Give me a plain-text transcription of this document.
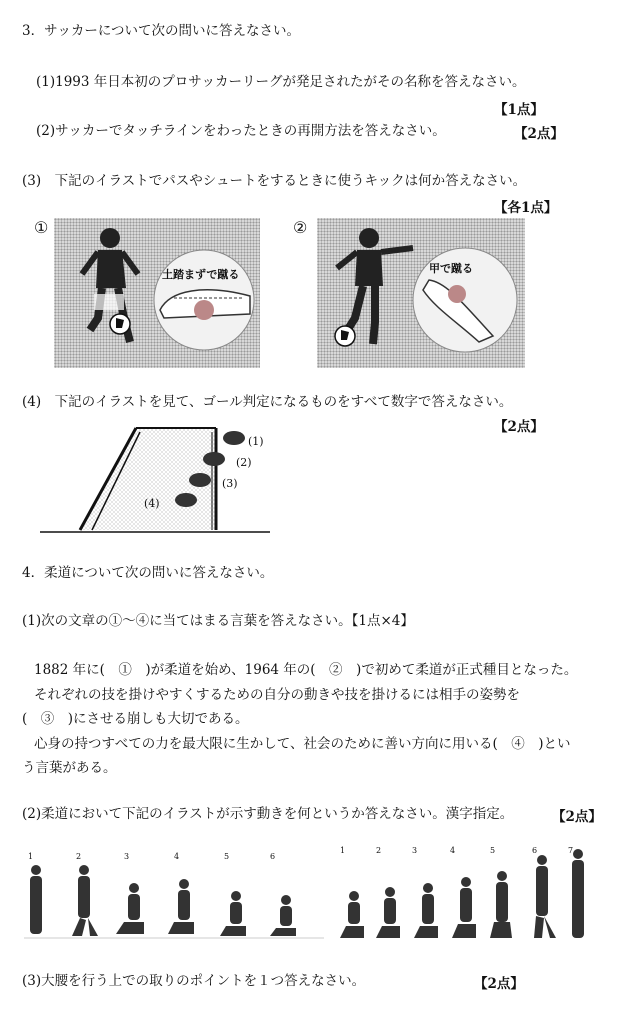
3．サッカーについて次の問いに答えなさい。
(1)1993 年日本初のプロサッカーリーグが発足されたがその名称を答えなさい。
【1点】
(2)サッカーでタッチラインをわったときの再開方法を答えなさい。	【2点】
(3)　下記のイラストでパスやシュートをするときに使うキックは何か答えなさい。
【各1点】
①
土踏まずで蹴る
②
甲で蹴る
(4)　下記のイラストを見て、ゴール判定になるものをすべて数字で答えなさい。
【2点】
(1)
(2)
(3)
(4)
4．柔道について次の問いに答えなさい。
(1)次の文章の①～④に当てはまる言葉を答えなさい。【1点×4】
1882 年に(　①　)が柔道を始め、1964 年の(　②　)で初めて柔道が正式種目となった。
それぞれの技を掛けやすくするための自分の動きや技を掛けるには相手の姿勢を
(　③　)にさせる崩しも大切である。
心身の持つすべての力を最大限に生かして、社会のために善い方向に用いる(　④　)とい
う言葉がある。
(2)柔道において下記のイラストが示す動きを何というか答えなさい。漢字指定。	【2点】
1	2	3	4	5	6
1	2	3	4	5	6	7
(3)大腰を行う上での取りのポイントを１つ答えなさい。	【2点】
